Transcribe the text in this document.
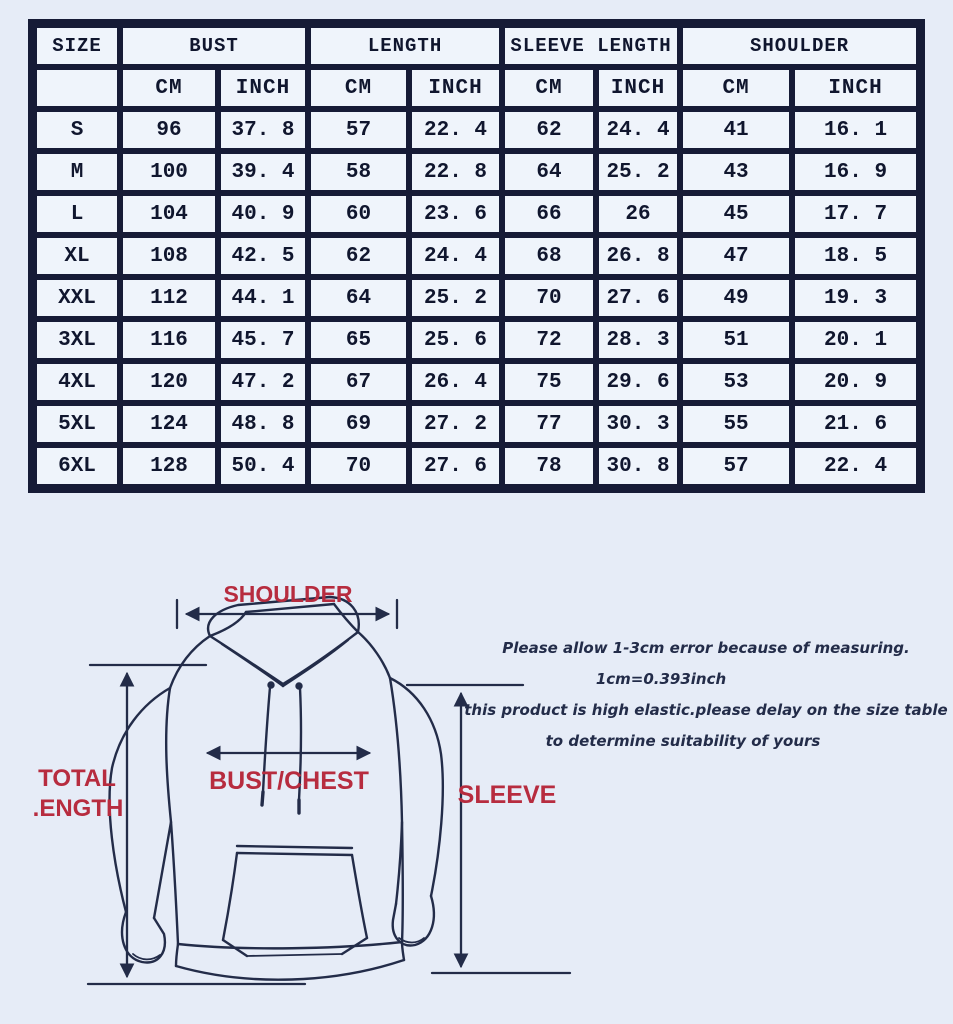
SIZE	BUST		LENGTH		SLEEVE LENGTH		SHOULDER	
	CM	INCH	CM	INCH	CM	INCH	CM	INCH
S	96	37. 8	57	22. 4	62	24. 4	41	16. 1
M	100	39. 4	58	22. 8	64	25. 2	43	16. 9
L	104	40. 9	60	23. 6	66	26	45	17. 7
XL	108	42. 5	62	24. 4	68	26. 8	47	18. 5
XXL	112	44. 1	64	25. 2	70	27. 6	49	19. 3
3XL	116	45. 7	65	25. 6	72	28. 3	51	20. 1
4XL	120	47. 2	67	26. 4	75	29. 6	53	20. 9
5XL	124	48. 8	69	27. 2	77	30. 3	55	21. 6
6XL	128	50. 4	70	27. 6	78	30. 8	57	22. 4
SHOULDER
TOTAL
.ENGTH
BUST/CHEST	SLEEVE
Please allow 1-3cm error because of measuring.
1cm=0.393inch
this product is high elastic.please delay on the size table
to determine suitability of yours
